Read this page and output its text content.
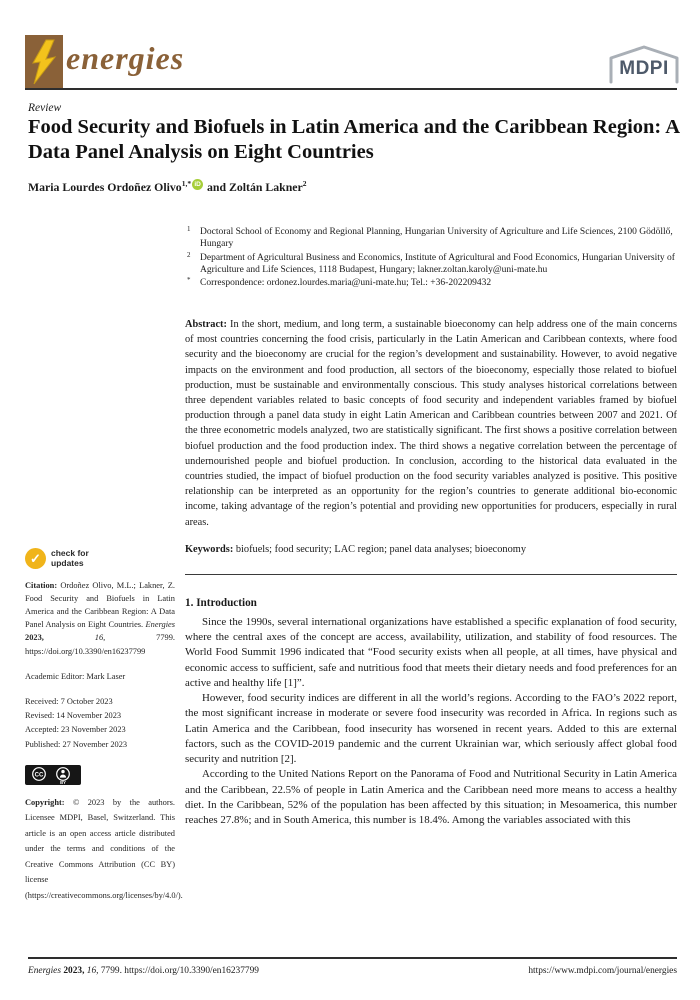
energies	MDPI
Review
Food Security and Biofuels in Latin America and the Caribbean Region: A Data Panel Analysis on Eight Countries
Maria Lourdes Ordoñez Olivo$^{1,*}$ iD and Zoltán Lakner$^2$
1 Doctoral School of Economy and Regional Planning, Hungarian University of Agriculture and Life Sciences, 2100 Gödöllő, Hungary
2 Department of Agricultural Business and Economics, Institute of Agricultural and Food Economics, Hungarian University of Agriculture and Life Sciences, 1118 Budapest, Hungary; lakner.zoltan.karoly@uni-mate.hu
* Correspondence: ordonez.lourdes.maria@uni-mate.hu; Tel.: +36-202209432

Abstract: In the short, medium, and long term, a sustainable bioeconomy can help address one of the main concerns of most countries concerning the food crisis, particularly in the Latin American and Caribbean contexts, where food security and the bioeconomy are crucial for the region’s development and sustainability. However, to avoid negative impacts on the environment and food production, all sectors of the bioeconomy, especially those related to biofuel production, must be sustainable and environmentally conscious. This study analyses historical correlations between three dependent variables related to basic concepts of food security and independent variables framed by biofuel production through a panel data study in eight Latin American and Caribbean countries between 2007 and 2021. Of the three econometric models analyzed, two are statistically significant. The first shows a positive correlation between biofuel production and the food production index. The third shows a negative correlation between the percentage of undernourished people and biofuel production. In conclusion, according to the historical data evaluated in the countries studied, the impact of biofuel production on the food security variables analyzed is positive. This positive relationship can be interpreted as an opportunity for the region’s countries to generate additional bio-economic income, taking advantage of the region’s potential and providing new opportunities for producers, especially in rural areas.

Keywords: biofuels; food security; LAC region; panel data analyses; bioeconomy

1. Introduction

Since the 1990s, several international organizations have established a specific explanation of food security, where the central axes of the concept are access, availability, utilization, and stability of food resources. The World Food Summit 1996 indicated that “Food security exists when all people, at all times, have physical and economic access to sufficient, safe and nutritious food that meets their dietary needs and food preferences for an active and healthy life [1]”.

However, food security indices are different in all the world’s regions. According to the FAO’s 2022 report, the most significant increase in moderate or severe food insecurity was recorded in Africa. In regions such as Latin America and the Caribbean, food insecurity has worsened in recent years. Added to this are external factors, such as the COVID-2019 pandemic and the current Ukrainian war, which seriously affect global food security and nutrition [2].

According to the United Nations Report on the Panorama of Food and Nutritional Security in Latin America and the Caribbean, 22.5% of people in Latin America and the Caribbean need more means to access a healthy diet. In the Caribbean, 52% of the population has been affected by this situation; in Mesoamerica, this number reaches 27.8%; and in South America, this number is 18.4%. Among the variables associated with this

✓	check for
updates

Citation: Ordoñez Olivo, M.L.; Lakner, Z. Food Security and Biofuels in Latin America and the Caribbean Region: A Data Panel Analysis on Eight Countries. Energies 2023,	16,	7799. https://doi.org/10.3390/en16237799

Academic Editor: Mark Laser

Received: 7 October 2023
Revised: 14 November 2023
Accepted: 23 November 2023
Published: 27 November 2023
CC
BY

Copyright: © 2023 by the authors. Licensee MDPI, Basel, Switzerland. This article is an open access article distributed under the terms and conditions of the Creative Commons Attribution (CC BY) license (https://creativecommons.org/licenses/by/4.0/).

Energies 2023, 16, 7799. https://doi.org/10.3390/en16237799	https://www.mdpi.com/journal/energies
